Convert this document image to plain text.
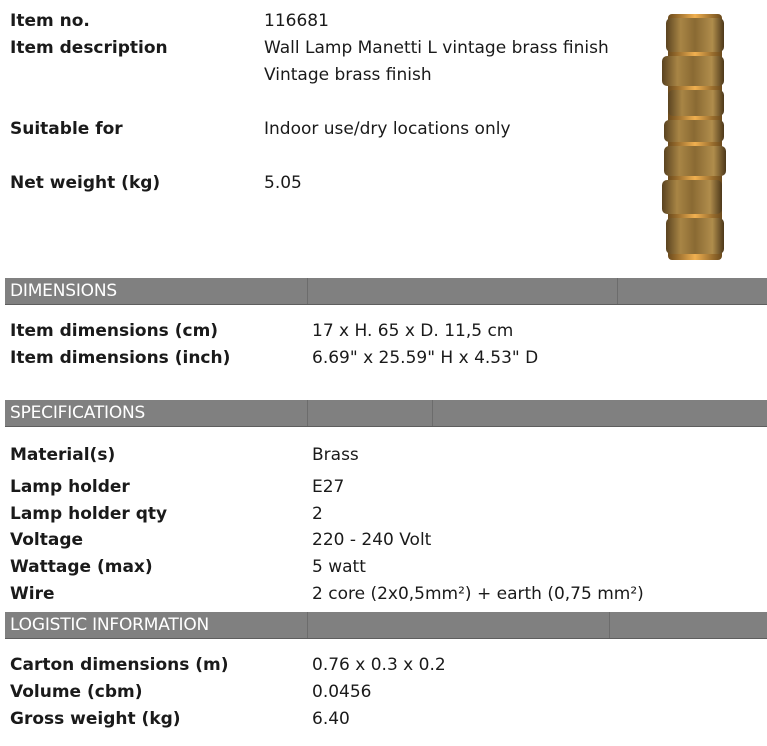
Item no.	116681
Item description	Wall Lamp Manetti L vintage brass finish
Vintage brass finish
Suitable for	Indoor use/dry locations only
Net weight (kg)	5.05
DIMENSIONS
Item dimensions (cm)	17 x H. 65 x D. 11,5 cm
Item dimensions (inch)	6.69" x 25.59" H x 4.53" D
SPECIFICATIONS
Material(s)	Brass
Lamp holder	E27
Lamp holder qty	2
Voltage	220 - 240 Volt
Wattage (max)	5 watt
Wire	2 core (2x0,5mm²) + earth (0,75 mm²)
LOGISTIC INFORMATION
Carton dimensions (m)	0.76 x 0.3 x 0.2
Volume (cbm)	0.0456
Gross weight (kg)	6.40
